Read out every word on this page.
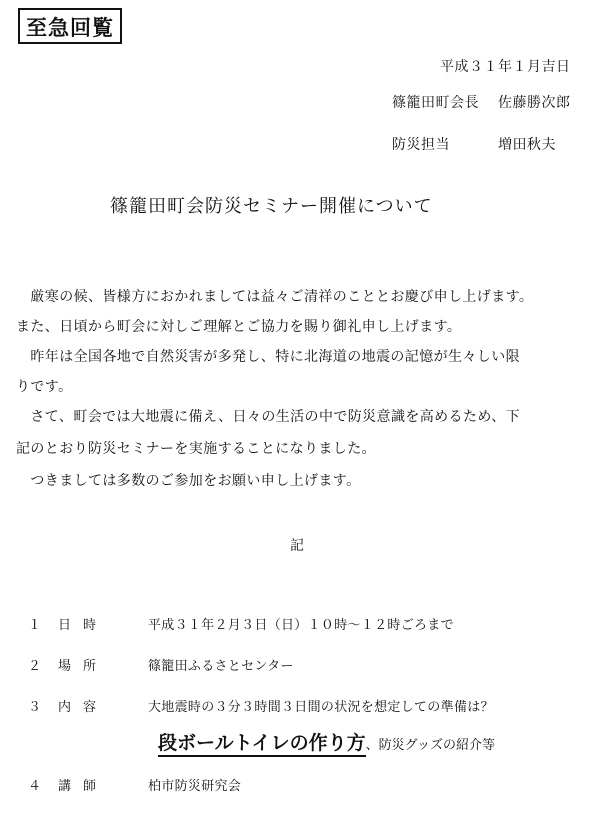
至急回覧
平成３１年１月吉日
篠籠田町会長 佐藤勝次郎
防災担当	増田秋夫
篠籠田町会防災セミナー開催について
　厳寒の候、皆様方におかれましては益々ご清祥のこととお慶び申し上げます。
また、日頃から町会に対しご理解とご協力を賜り御礼申し上げます。
　昨年は全国各地で自然災害が多発し、特に北海道の地震の記憶が生々しい限
りです。
　さて、町会では大地震に備え、日々の生活の中で防災意識を高めるため、下
記のとおり防災セミナーを実施することになりました。
　つきましては多数のご参加をお願い申し上げます。
記
１ 日時	平成３１年２月３日（日）１０時〜１２時ごろまで
２ 場所	篠籠田ふるさとセンター
３ 内容	大地震時の３分３時間３日間の状況を想定しての準備は？
段ボールトイレの作り方、防災グッズの紹介等
４ 講師	柏市防災研究会
